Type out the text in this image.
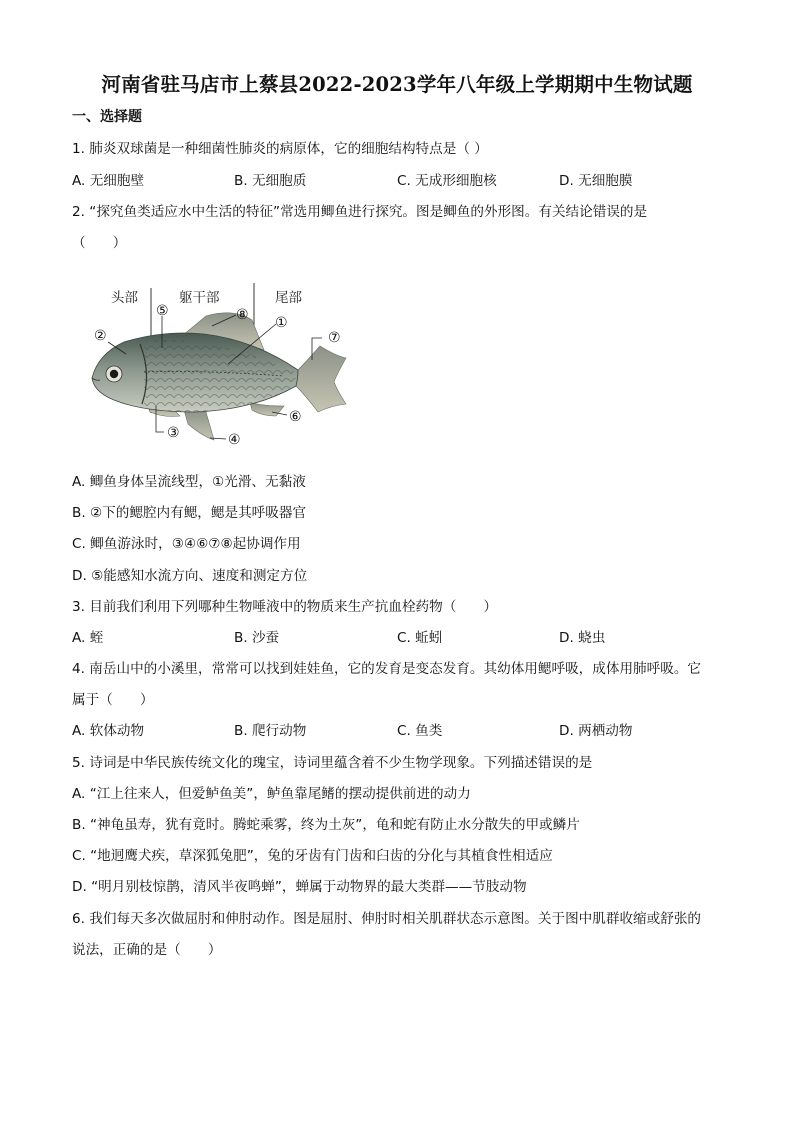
河南省驻马店市上蔡县2022-2023学年八年级上学期期中生物试题
一、选择题
1. 肺炎双球菌是一种细菌性肺炎的病原体，它的细胞结构特点是（ ）
A. 无细胞壁	B. 无细胞质	C. 无成形细胞核	D. 无细胞膜
2. “探究鱼类适应水中生活的特征”常选用鲫鱼进行探究。图是鲫鱼的外形图。有关结论错误的是
（　　）
头部	躯干部	尾部
②
⑤	⑧ ①
⑦
⑥
③	④
A. 鲫鱼身体呈流线型，①光滑、无黏液
B. ②下的鳃腔内有鳃，鳃是其呼吸器官
C. 鲫鱼游泳时，③④⑥⑦⑧起协调作用
D. ⑤能感知水流方向、速度和测定方位
3. 目前我们利用下列哪种生物唾液中的物质来生产抗血栓药物（　　）
A. 蛭	B. 沙蚕	C. 蚯蚓	D. 蛲虫
4. 南岳山中的小溪里，常常可以找到娃娃鱼，它的发育是变态发育。其幼体用鳃呼吸，成体用肺呼吸。它
属于（　　）
A. 软体动物	B. 爬行动物	C. 鱼类	D. 两栖动物
5. 诗词是中华民族传统文化的瑰宝，诗词里蕴含着不少生物学现象。下列描述错误的是
A. “江上往来人，但爱鲈鱼美”，鲈鱼靠尾鳍的摆动提供前进的动力
B. “神龟虽寿，犹有竟时。腾蛇乘雾，终为土灰”，龟和蛇有防止水分散失的甲或鳞片
C. “地迥鹰犬疾，草深狐兔肥”，兔的牙齿有门齿和臼齿的分化与其植食性相适应
D. “明月别枝惊鹊，清风半夜鸣蝉”，蝉属于动物界的最大类群——节肢动物
6. 我们每天多次做屈肘和伸肘动作。图是屈肘、伸肘时相关肌群状态示意图。关于图中肌群收缩或舒张的
说法，正确的是（　　）
